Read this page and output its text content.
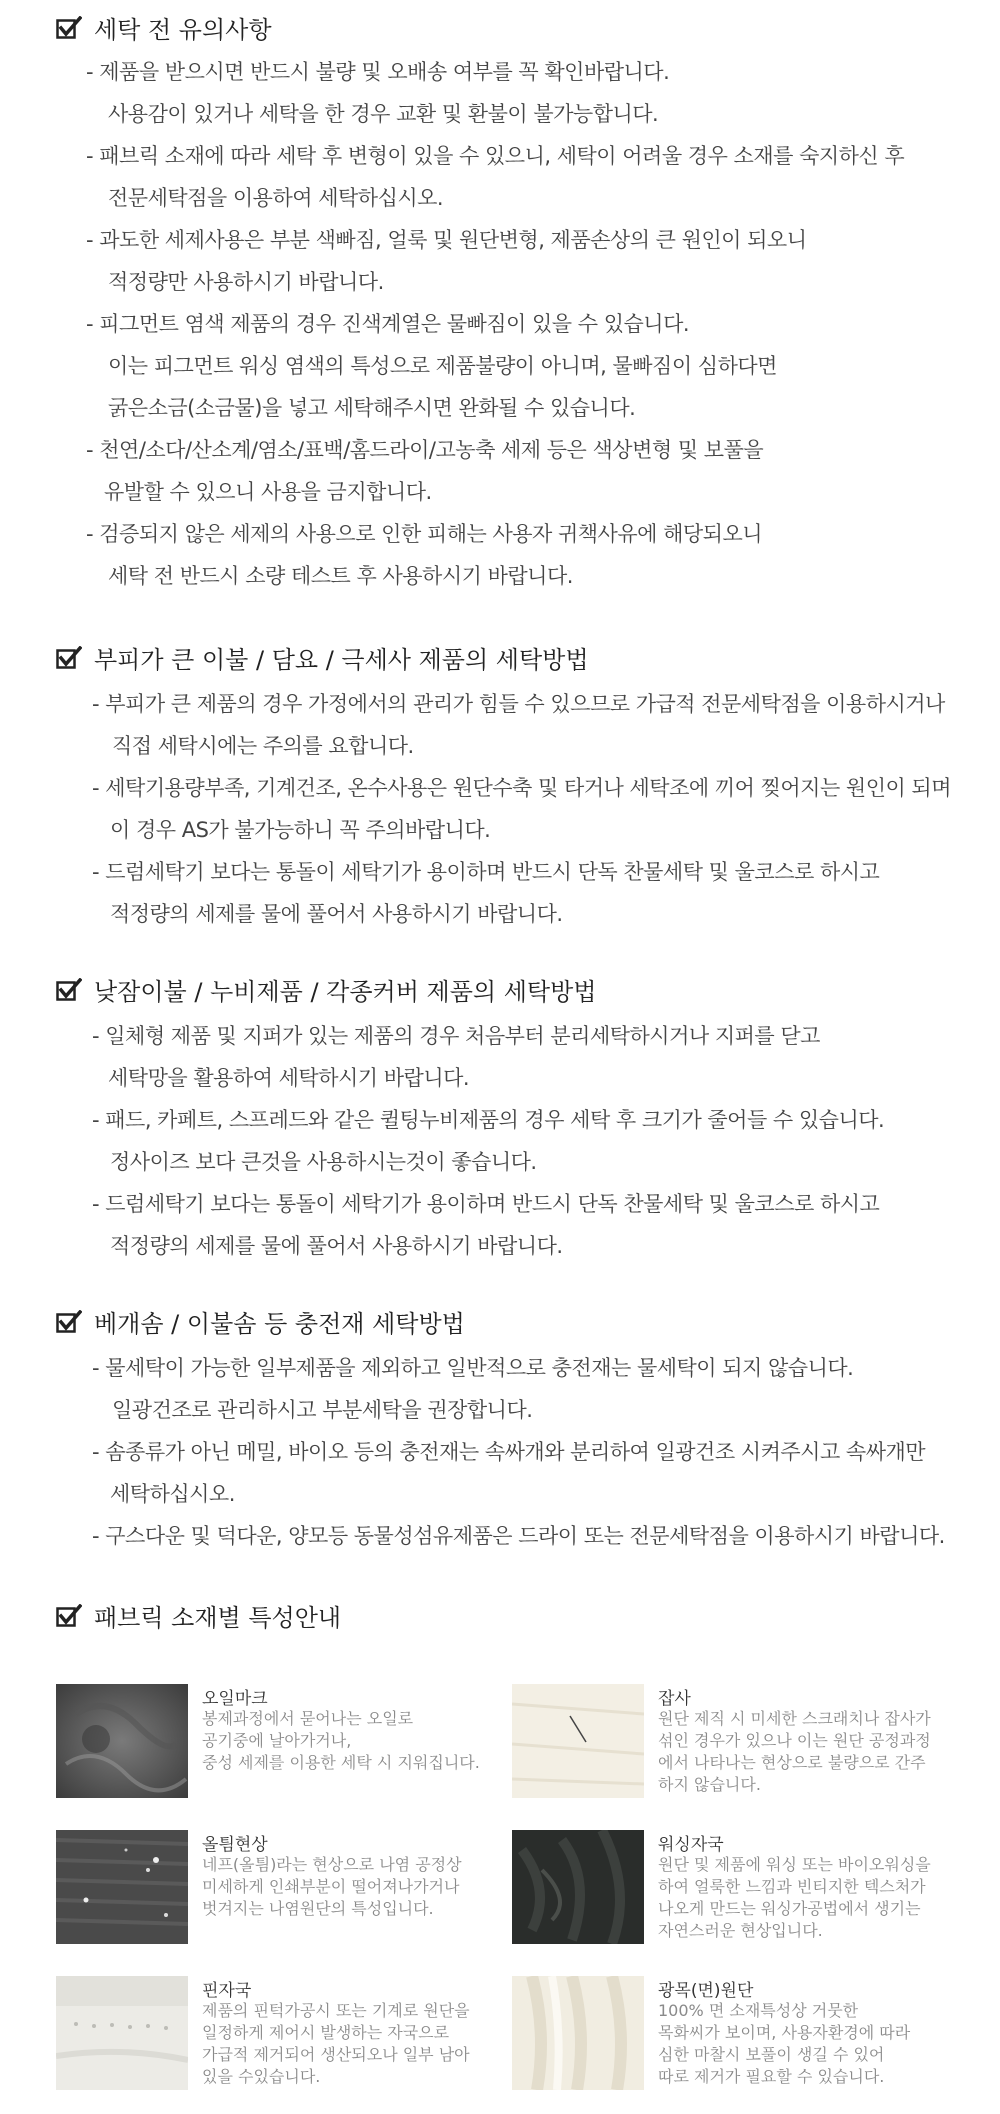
세탁 전 유의사항
- 제품을 받으시면 반드시 불량 및 오배송 여부를 꼭 확인바랍니다.
사용감이 있거나 세탁을 한 경우 교환 및 환불이 불가능합니다.
- 패브릭 소재에 따라 세탁 후 변형이 있을 수 있으니, 세탁이 어려울 경우 소재를 숙지하신 후
전문세탁점을 이용하여 세탁하십시오.
- 과도한 세제사용은 부분 색빠짐, 얼룩 및 원단변형, 제품손상의 큰 원인이 되오니
적정량만 사용하시기 바랍니다.
- 피그먼트 염색 제품의 경우 진색계열은 물빠짐이 있을 수 있습니다.
이는 피그먼트 워싱 염색의 특성으로 제품불량이 아니며, 물빠짐이 심하다면
굵은소금(소금물)을 넣고 세탁해주시면 완화될 수 있습니다.
- 천연/소다/산소계/염소/표백/홈드라이/고농축 세제 등은 색상변형 및 보풀을
유발할 수 있으니 사용을 금지합니다.
- 검증되지 않은 세제의 사용으로 인한 피해는 사용자 귀책사유에 해당되오니
세탁 전 반드시 소량 테스트 후 사용하시기 바랍니다.
부피가 큰 이불 / 담요 / 극세사 제품의 세탁방법
- 부피가 큰 제품의 경우 가정에서의 관리가 힘들 수 있으므로 가급적 전문세탁점을 이용하시거나
직접 세탁시에는 주의를 요합니다.
- 세탁기용량부족, 기계건조, 온수사용은 원단수축 및 타거나 세탁조에 끼어 찢어지는 원인이 되며
이 경우 AS가 불가능하니 꼭 주의바랍니다.
- 드럼세탁기 보다는 통돌이 세탁기가 용이하며 반드시 단독 찬물세탁 및 울코스로 하시고
적정량의 세제를 물에 풀어서 사용하시기 바랍니다.
낮잠이불 / 누비제품 / 각종커버 제품의 세탁방법
- 일체형 제품 및 지퍼가 있는 제품의 경우 처음부터 분리세탁하시거나 지퍼를 닫고
세탁망을 활용하여 세탁하시기 바랍니다.
- 패드, 카페트, 스프레드와 같은 퀼팅누비제품의 경우 세탁 후 크기가 줄어들 수 있습니다.
정사이즈 보다 큰것을 사용하시는것이 좋습니다.
- 드럼세탁기 보다는 통돌이 세탁기가 용이하며 반드시 단독 찬물세탁 및 울코스로 하시고
적정량의 세제를 물에 풀어서 사용하시기 바랍니다.
베개솜 / 이불솜 등 충전재 세탁방법
- 물세탁이 가능한 일부제품을 제외하고 일반적으로 충전재는 물세탁이 되지 않습니다.
일광건조로 관리하시고 부분세탁을 권장합니다.
- 솜종류가 아닌 메밀, 바이오 등의 충전재는 속싸개와 분리하여 일광건조 시켜주시고 속싸개만
세탁하십시오.
- 구스다운 및 덕다운, 양모등 동물성섬유제품은 드라이 또는 전문세탁점을 이용하시기 바랍니다.
패브릭 소재별 특성안내
오일마크
봉제과정에서 묻어나는 오일로
공기중에 날아가거나,
중성 세제를 이용한 세탁 시 지워집니다.
잡사
원단 제직 시 미세한 스크래치나 잡사가
섞인 경우가 있으나 이는 원단 공정과정
에서 나타나는 현상으로 불량으로 간주
하지 않습니다.
올틤현상
네프(올틤)라는 현상으로 나염 공정상
미세하게 인쇄부분이 떨어져나가거나
벗겨지는 나염원단의 특성입니다.
워싱자국
원단 및 제품에 워싱 또는 바이오워싱을
하여 얼룩한 느낌과 빈티지한 텍스처가
나오게 만드는 워싱가공법에서 생기는
자연스러운 현상입니다.
핀자국
제품의 핀턱가공시 또는 기계로 원단을
일정하게 제어시 발생하는 자국으로
가급적 제거되어 생산되오나 일부 남아
있을 수있습니다.
광목(면)원단
100% 면 소재특성상 거뭇한
목화씨가 보이며, 사용자환경에 따라
심한 마찰시 보풀이 생길 수 있어
따로 제거가 필요할 수 있습니다.
